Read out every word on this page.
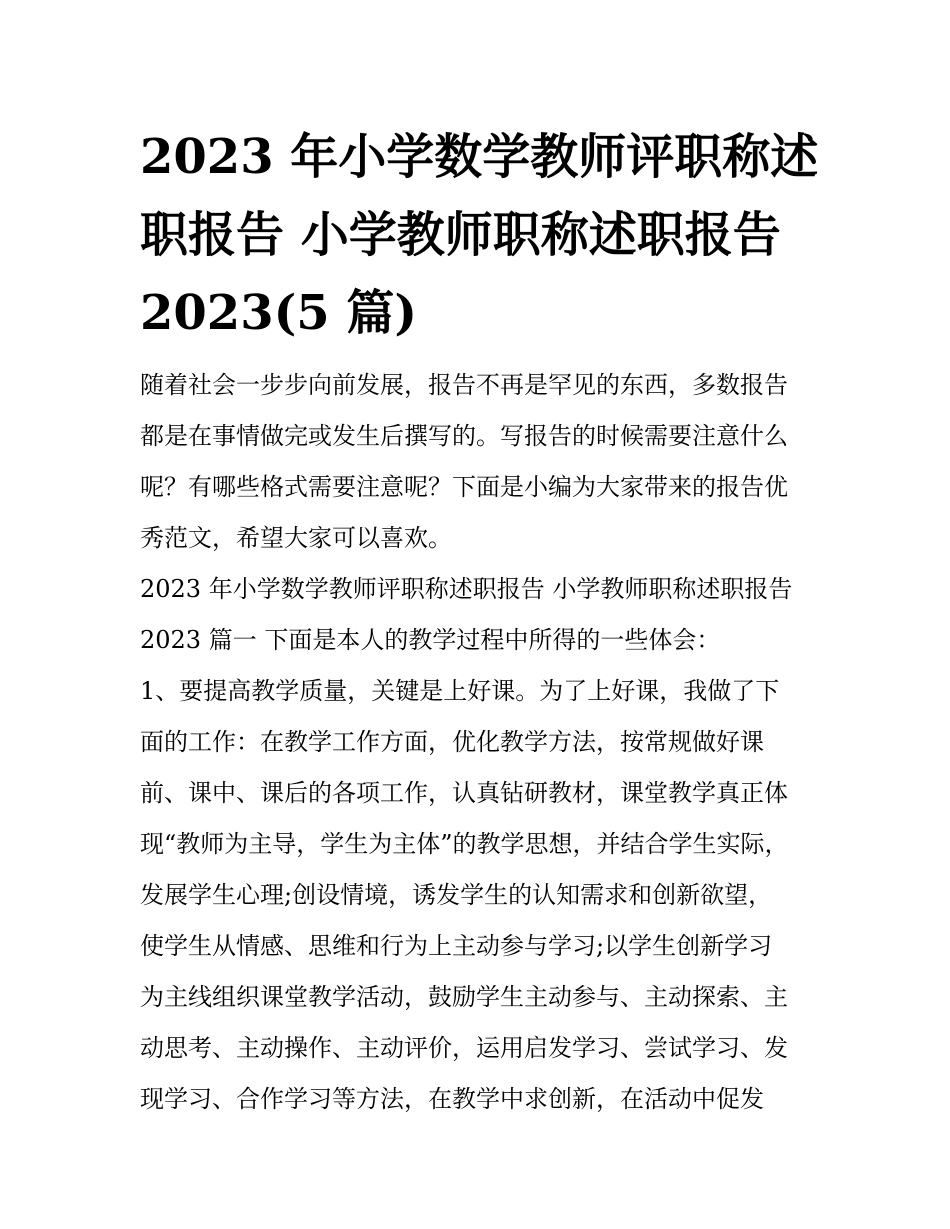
2023 年小学数学教师评职称述

职报告 小学教师职称述职报告

2023(5 篇)

随着社会一步步向前发展，报告不再是罕见的东西，多数报告

都是在事情做完或发生后撰写的。写报告的时候需要注意什么

呢？有哪些格式需要注意呢？下面是小编为大家带来的报告优

秀范文，希望大家可以喜欢。

2023 年小学数学教师评职称述职报告 小学教师职称述职报告

2023 篇一 下面是本人的教学过程中所得的一些体会：

1、要提高教学质量，关键是上好课。为了上好课，我做了下

面的工作：在教学工作方面，优化教学方法，按常规做好课

前、课中、课后的各项工作，认真钻研教材，课堂教学真正体

现“教师为主导，学生为主体”的教学思想，并结合学生实际，

发展学生心理;创设情境，诱发学生的认知需求和创新欲望，

使学生从情感、思维和行为上主动参与学习;以学生创新学习

为主线组织课堂教学活动，鼓励学生主动参与、主动探索、主

动思考、主动操作、主动评价，运用启发学习、尝试学习、发

现学习、合作学习等方法，在教学中求创新，在活动中促发
